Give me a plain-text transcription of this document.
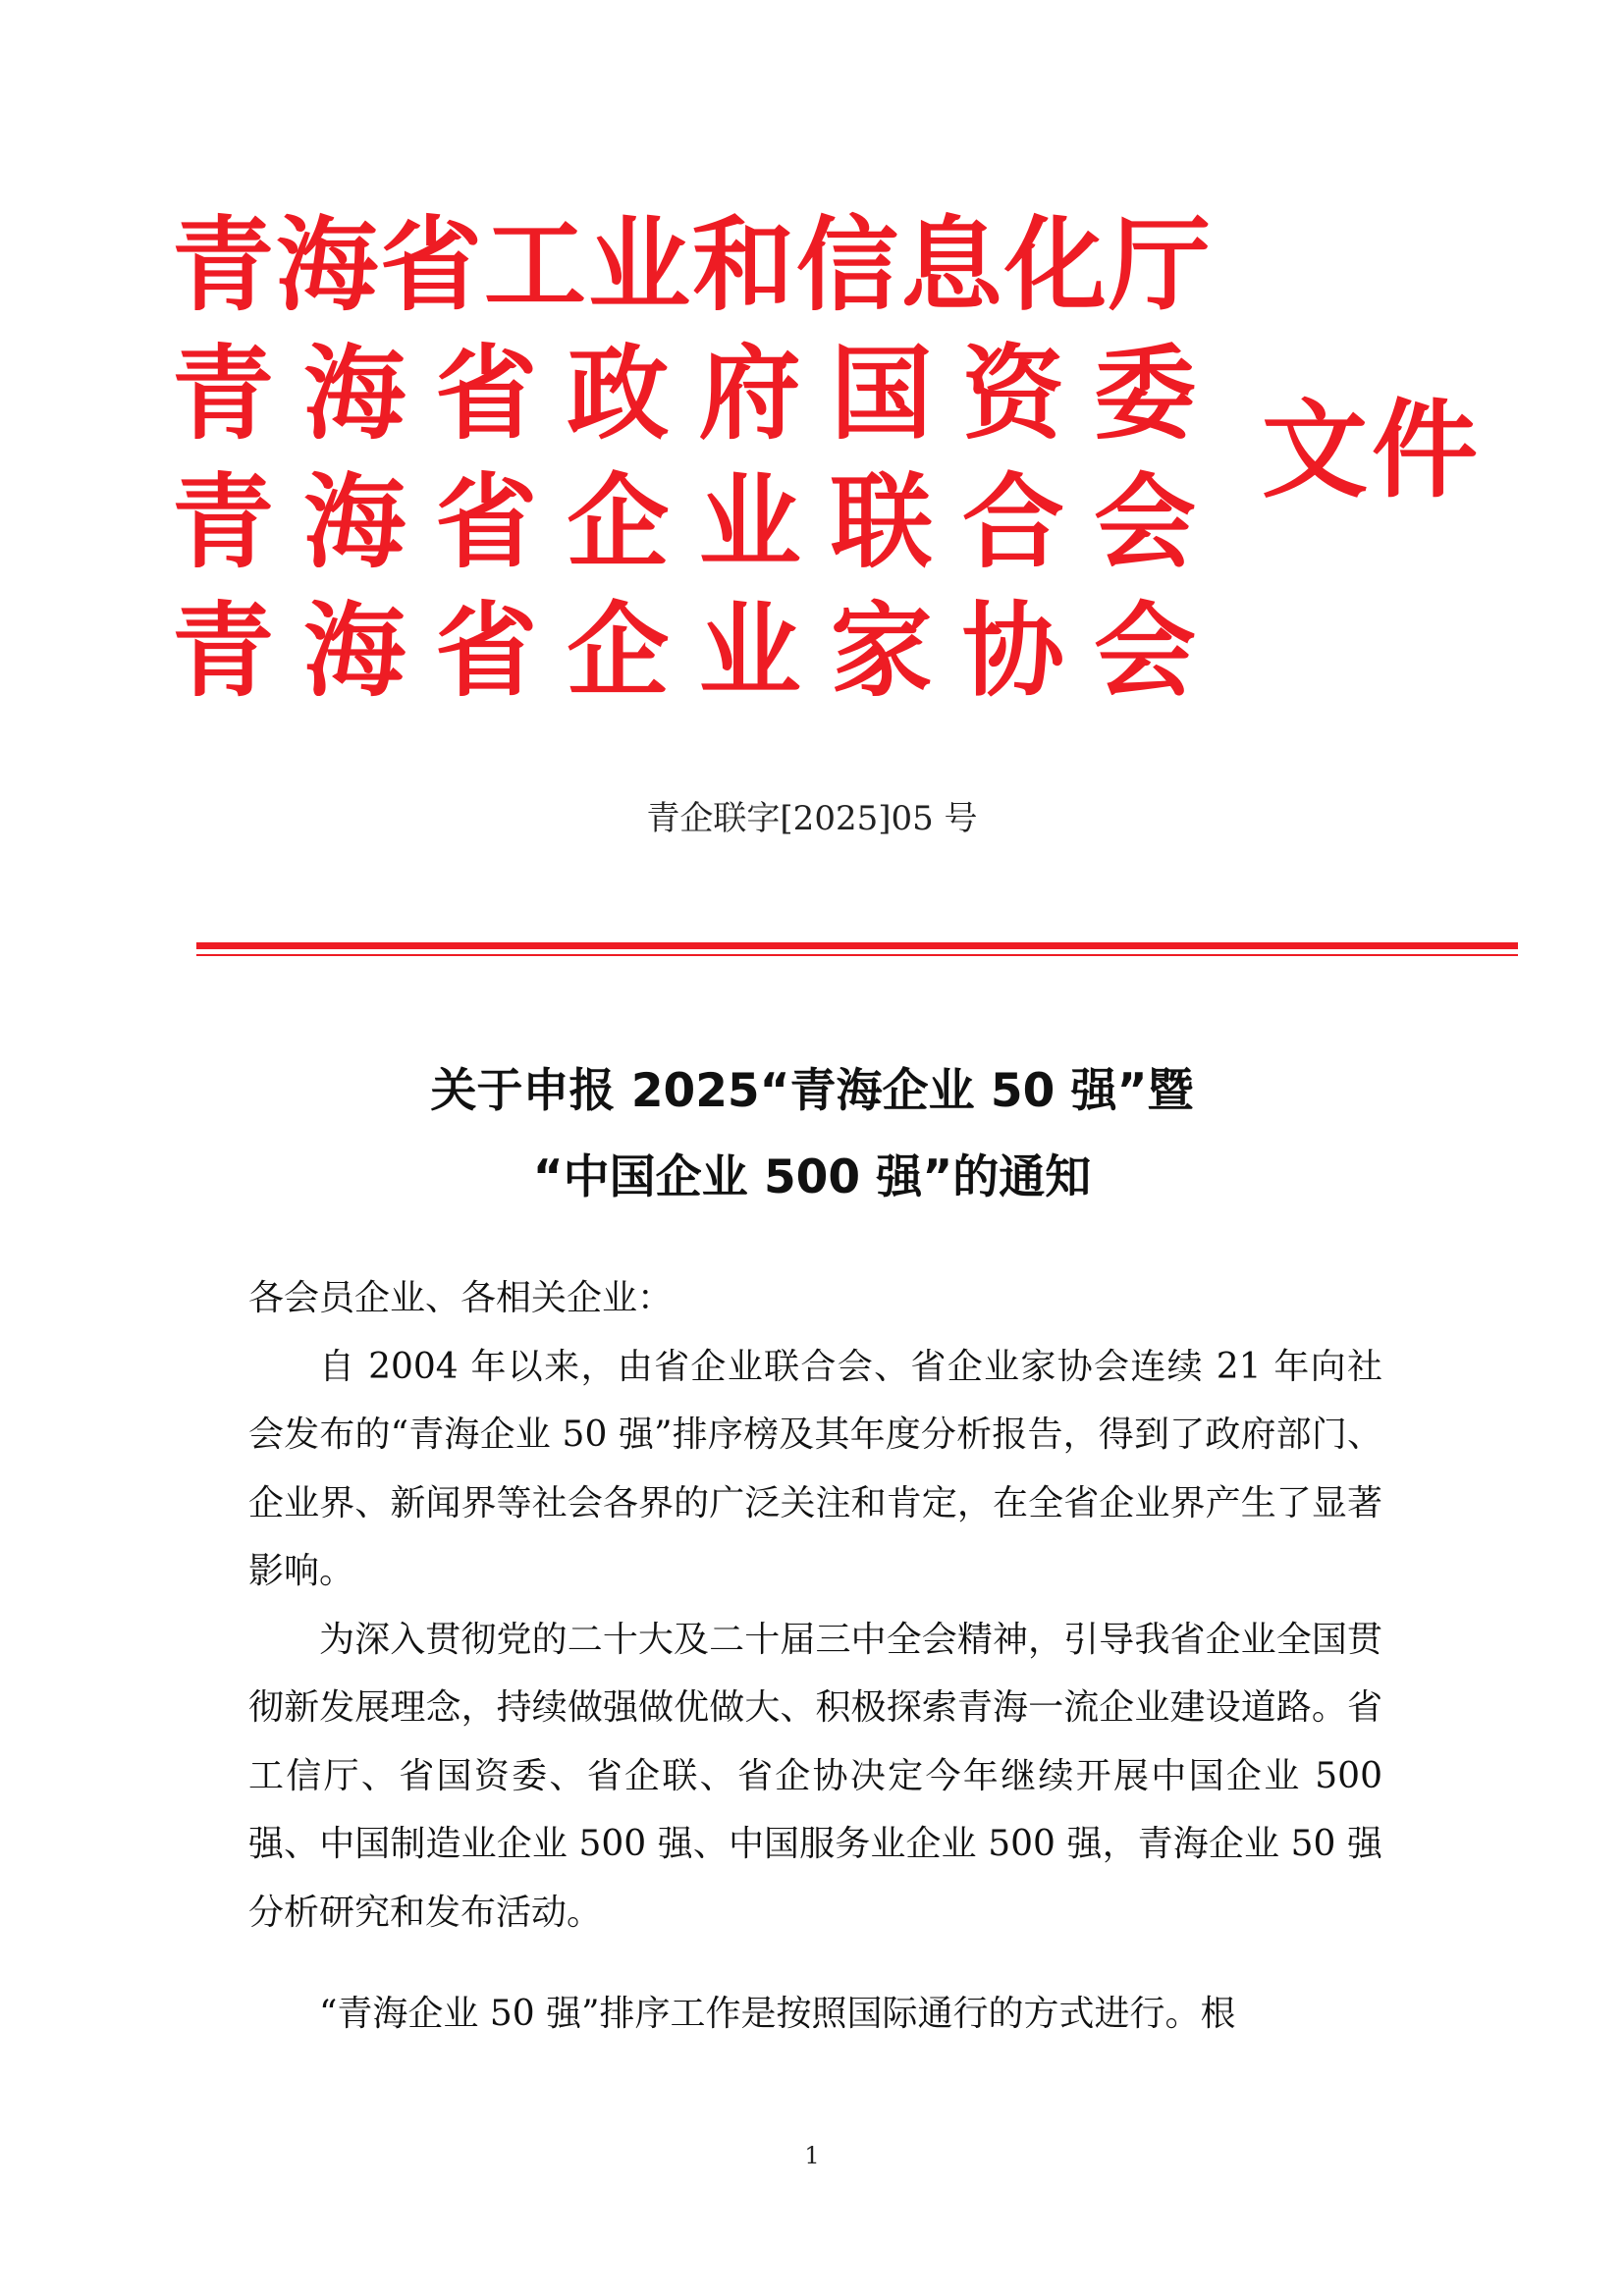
青海省工业和信息化厅
青 海 省 政 府 国 资 委
青 海 省 企 业 联 合 会
青 海 省 企 业 家 协 会
文件
青企联字[2025]05 号
关于申报 2025“青海企业 50 强”暨
“中国企业 500 强”的通知

各会员企业、各相关企业：

自 2004 年以来，由省企业联合会、省企业家协会连续 21 年向社会发布的“青海企业 50 强”排序榜及其年度分析报告，得到了政府部门、企业界、新闻界等社会各界的广泛关注和肯定，在全省企业界产生了显著影响。

为深入贯彻党的二十大及二十届三中全会精神，引导我省企业全国贯彻新发展理念，持续做强做优做大、积极探索青海一流企业建设道路。省工信厅、省国资委、省企联、省企协决定今年继续开展中国企业 500 强、中国制造业企业 500 强、中国服务业企业 500 强，青海企业 50 强分析研究和发布活动。

“青海企业 50 强”排序工作是按照国际通行的方式进行。根

1
